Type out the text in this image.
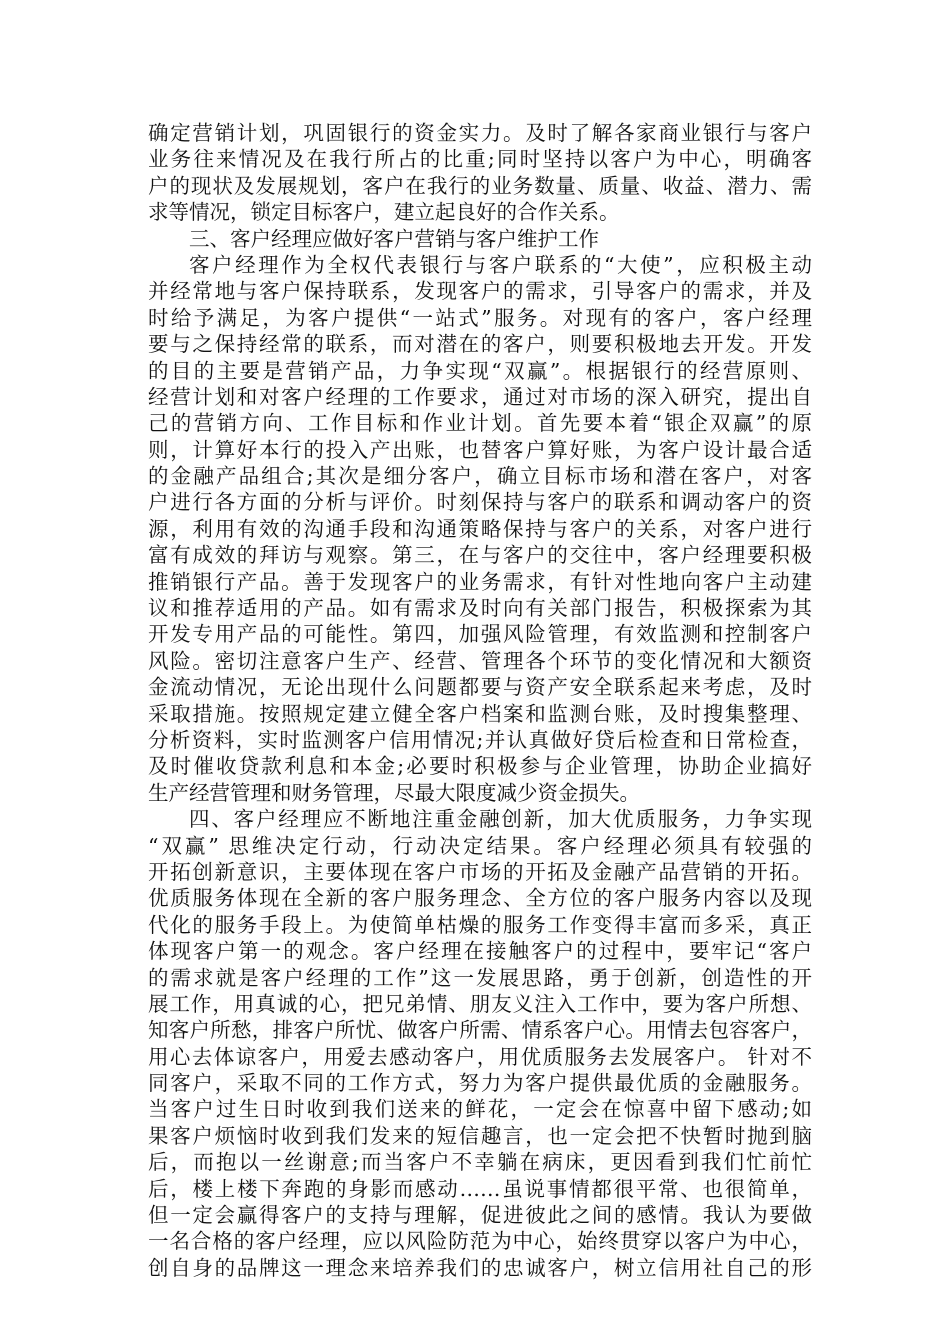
确定营销计划，巩固银行的资金实力。及时了解各家商业银行与客户
业务往来情况及在我行所占的比重;同时坚持以客户为中心，明确客
户的现状及发展规划，客户在我行的业务数量、质量、收益、潜力、需
求等情况，锁定目标客户，建立起良好的合作关系。
三、客户经理应做好客户营销与客户维护工作
客户经理作为全权代表银行与客户联系的“大使”，应积极主动
并经常地与客户保持联系，发现客户的需求，引导客户的需求，并及
时给予满足，为客户提供“一站式”服务。对现有的客户，客户经理
要与之保持经常的联系，而对潜在的客户，则要积极地去开发。开发
的目的主要是营销产品，力争实现“双赢”。根据银行的经营原则、
经营计划和对客户经理的工作要求，通过对市场的深入研究，提出自
己的营销方向、工作目标和作业计划。首先要本着“银企双赢”的原
则，计算好本行的投入产出账，也替客户算好账，为客户设计最合适
的金融产品组合;其次是细分客户，确立目标市场和潜在客户，对客
户进行各方面的分析与评价。时刻保持与客户的联系和调动客户的资
源，利用有效的沟通手段和沟通策略保持与客户的关系，对客户进行
富有成效的拜访与观察。第三，在与客户的交往中，客户经理要积极
推销银行产品。善于发现客户的业务需求，有针对性地向客户主动建
议和推荐适用的产品。如有需求及时向有关部门报告，积极探索为其
开发专用产品的可能性。第四，加强风险管理，有效监测和控制客户
风险。密切注意客户生产、经营、管理各个环节的变化情况和大额资
金流动情况，无论出现什么问题都要与资产安全联系起来考虑，及时
采取措施。按照规定建立健全客户档案和监测台账，及时搜集整理、
分析资料，实时监测客户信用情况;并认真做好贷后检查和日常检查，
及时催收贷款利息和本金;必要时积极参与企业管理，协助企业搞好
生产经营管理和财务管理，尽最大限度减少资金损失。
四、客户经理应不断地注重金融创新，加大优质服务，力争实现
“双赢” 思维决定行动，行动决定结果。客户经理必须具有较强的
开拓创新意识，主要体现在客户市场的开拓及金融产品营销的开拓。
优质服务体现在全新的客户服务理念、全方位的客户服务内容以及现
代化的服务手段上。为使简单枯燥的服务工作变得丰富而多采，真正
体现客户第一的观念。客户经理在接触客户的过程中，要牢记“客户
的需求就是客户经理的工作”这一发展思路，勇于创新，创造性的开
展工作，用真诚的心，把兄弟情、朋友义注入工作中，要为客户所想、
知客户所愁，排客户所忧、做客户所需、情系客户心。用情去包容客户，
用心去体谅客户，用爱去感动客户，用优质服务去发展客户。 针对不
同客户，采取不同的工作方式，努力为客户提供最优质的金融服务。
当客户过生日时收到我们送来的鲜花，一定会在惊喜中留下感动;如
果客户烦恼时收到我们发来的短信趣言，也一定会把不快暂时抛到脑
后，而抱以一丝谢意;而当客户不幸躺在病床，更因看到我们忙前忙
后，楼上楼下奔跑的身影而感动……虽说事情都很平常、也很简单，
但一定会赢得客户的支持与理解，促进彼此之间的感情。我认为要做
一名合格的客户经理，应以风险防范为中心，始终贯穿以客户为中心，
创自身的品牌这一理念来培养我们的忠诚客户，树立信用社自己的形
